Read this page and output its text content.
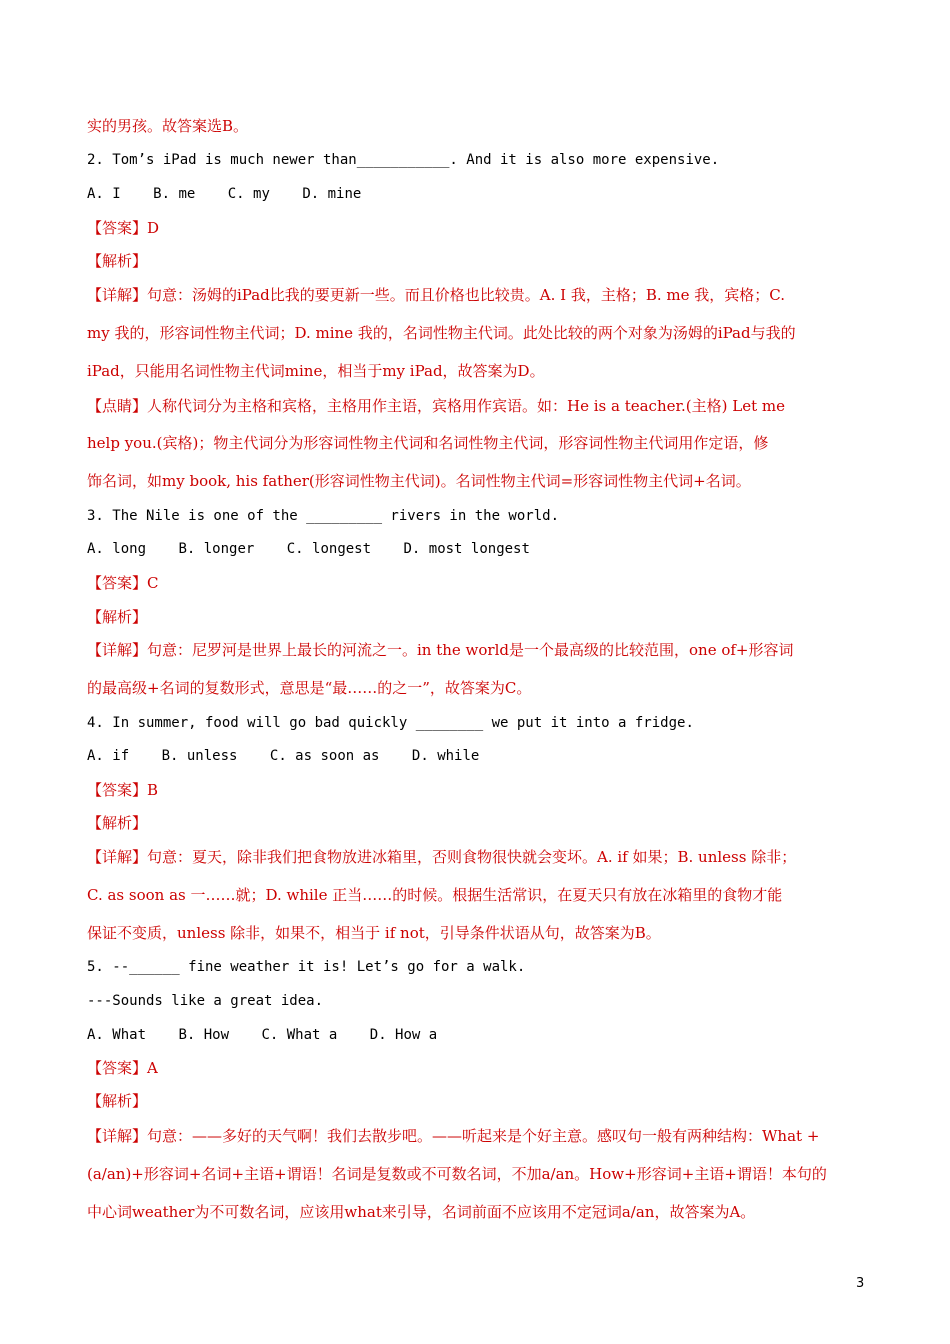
实的男孩。故答案选B。
2. Tom’s iPad is much newer than___________. And it is also more expensive.
A. I B. me C. my D. mine
【答案】D
【解析】
【详解】句意：汤姆的iPad比我的要更新一些。而且价格也比较贵。A. I 我，主格；B. me 我，宾格；C.
my 我的，形容词性物主代词；D. mine 我的，名词性物主代词。此处比较的两个对象为汤姆的iPad与我的
iPad，只能用名词性物主代词mine，相当于my iPad，故答案为D。
【点睛】人称代词分为主格和宾格，主格用作主语，宾格用作宾语。如：He is a teacher.(主格) Let me
help you.(宾格)；物主代词分为形容词性物主代词和名词性物主代词，形容词性物主代词用作定语，修
饰名词，如my book, his father(形容词性物主代词)。名词性物主代词=形容词性物主代词+名词。
3. The Nile is one of the _________ rivers in the world.
A. long B. longer C. longest D. most longest
【答案】C
【解析】
【详解】句意：尼罗河是世界上最长的河流之一。in the world是一个最高级的比较范围，one of+形容词
的最高级+名词的复数形式，意思是“最……的之一”，故答案为C。
4. In summer, food will go bad quickly ________ we put it into a fridge.
A. if B. unless C. as soon as D. while
【答案】B
【解析】
【详解】句意：夏天，除非我们把食物放进冰箱里，否则食物很快就会变坏。A. if 如果；B. unless 除非；
C. as soon as 一……就；D. while 正当……的时候。根据生活常识，在夏天只有放在冰箱里的食物才能
保证不变质，unless 除非，如果不，相当于 if not，引导条件状语从句，故答案为B。
5. --______ fine weather it is! Let’s go for a walk.
---Sounds like a great idea.
A. What B. How C. What a D. How a
【答案】A
【解析】
【详解】句意：——多好的天气啊！我们去散步吧。——听起来是个好主意。感叹句一般有两种结构：What +
(a/an)+形容词+名词+主语+谓语！名词是复数或不可数名词，不加a/an。How+形容词+主语+谓语！本句的
中心词weather为不可数名词，应该用what来引导，名词前面不应该用不定冠词a/an，故答案为A。
3
